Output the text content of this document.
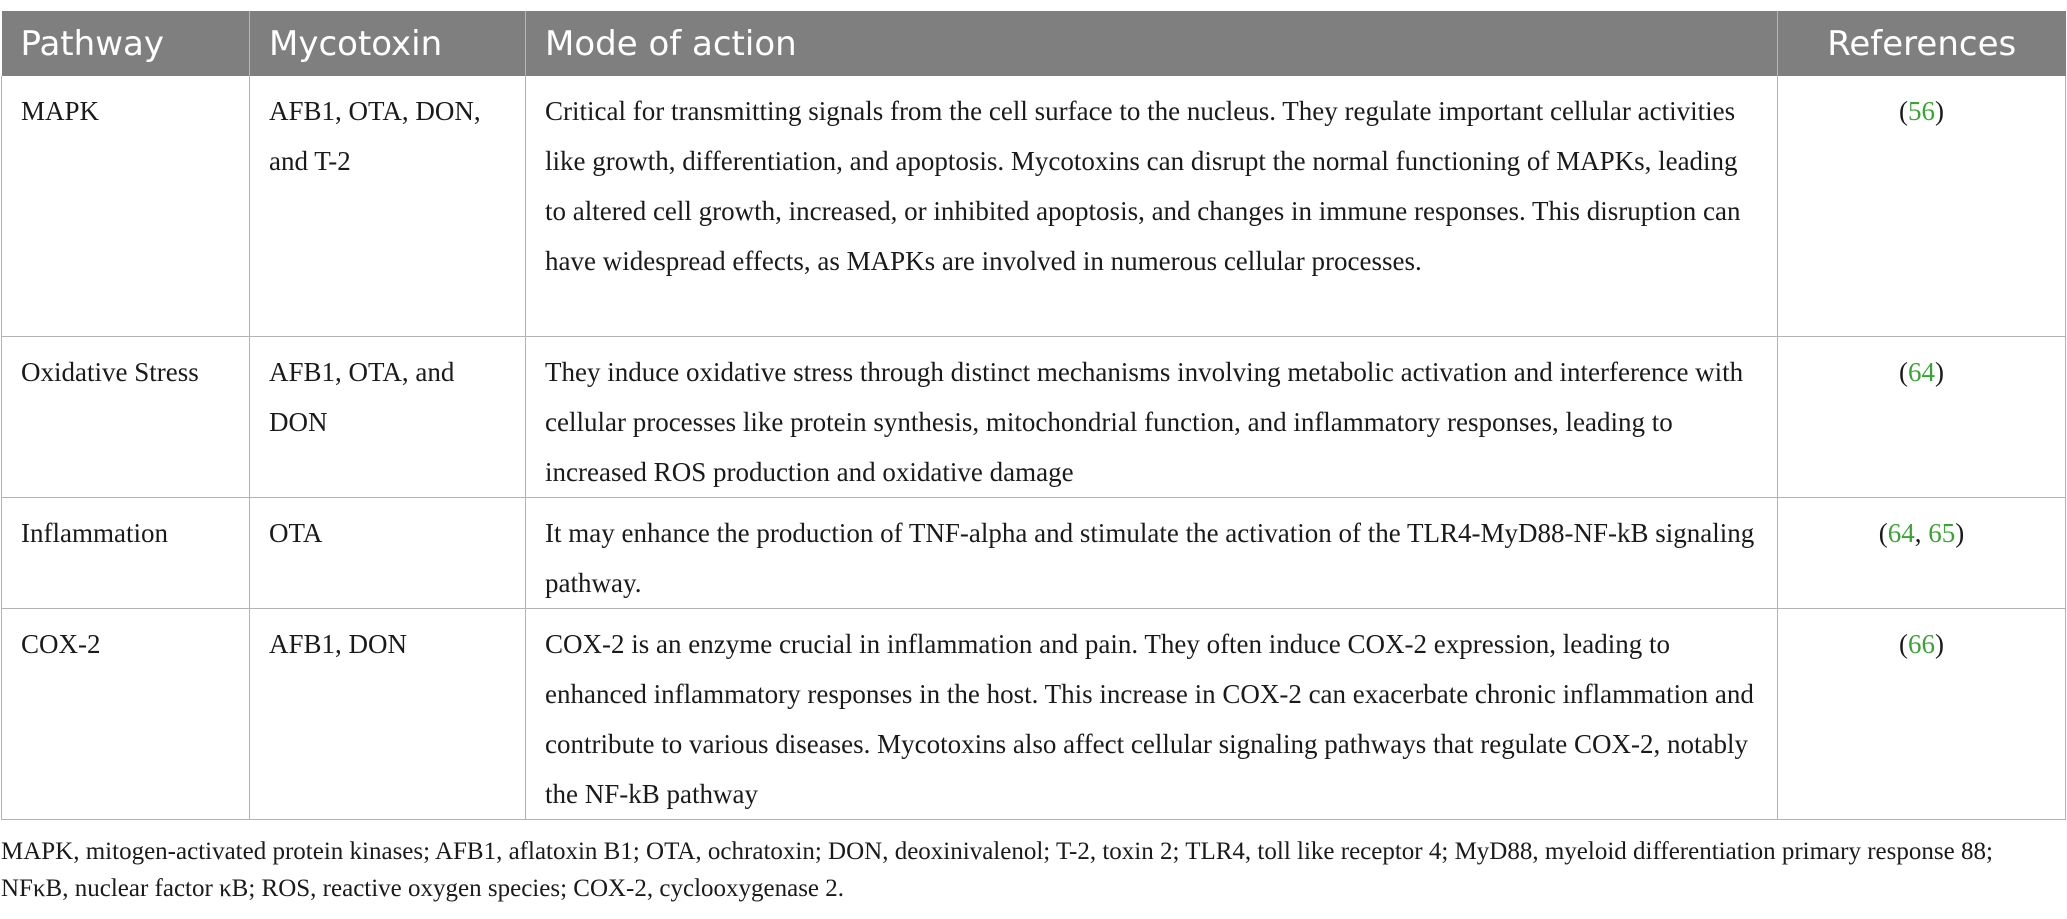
Pathway	Mycotoxin	Mode of action	References
MAPK	AFB1, OTA, DON, and T-2	Critical for transmitting signals from the cell surface to the nucleus. They regulate important cellular activities like growth, differentiation, and apoptosis. Mycotoxins can disrupt the normal functioning of MAPKs, leading to altered cell growth, increased, or inhibited apoptosis, and changes in immune responses. This disruption can have widespread effects, as MAPKs are involved in numerous cellular processes.	(56)
Oxidative Stress	AFB1, OTA, and DON	They induce oxidative stress through distinct mechanisms involving metabolic activation and interference with cellular processes like protein synthesis, mitochondrial function, and inflammatory responses, leading to increased ROS production and oxidative damage	(64)
Inflammation	OTA	It may enhance the production of TNF-alpha and stimulate the activation of the TLR4-MyD88-NF-kB signaling pathway.	(64, 65)
COX-2	AFB1, DON	COX-2 is an enzyme crucial in inflammation and pain. They often induce COX-2 expression, leading to enhanced inflammatory responses in the host. This increase in COX-2 can exacerbate chronic inflammation and contribute to various diseases. Mycotoxins also affect cellular signaling pathways that regulate COX-2, notably the NF-kB pathway	(66)

MAPK, mitogen-activated protein kinases; AFB1, aflatoxin B1; OTA, ochratoxin; DON, deoxinivalenol; T-2, toxin 2; TLR4, toll like receptor 4; MyD88, myeloid differentiation primary response 88; NFκB, nuclear factor κB; ROS, reactive oxygen species; COX-2, cyclooxygenase 2.
